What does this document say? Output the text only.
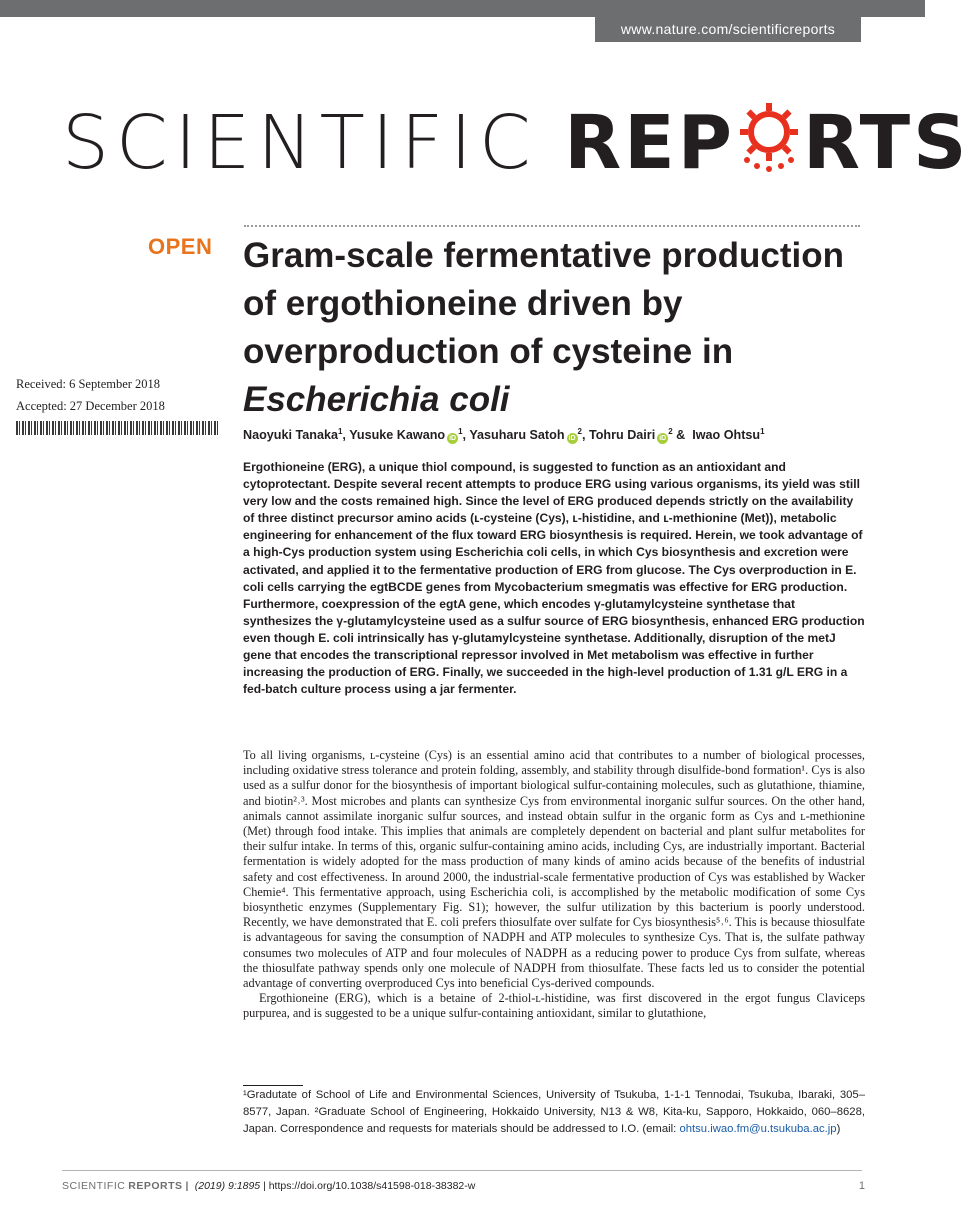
www.nature.com/scientificreports
SCIENTIFIC REP RTS
OPEN Gram-scale fermentative production of ergothioneine driven by overproduction of cysteine in
Escherichia coli
Received: 6 September 2018
Accepted: 27 December 2018
Naoyuki Tanaka$^1$, Yusuke Kawano $iD^1$, Yasuharu Satoh $iD^2$, Tohru Dairi $iD^2$ &  Iwao Ohtsu$^1$
Ergothioneine (ERG), a unique thiol compound, is suggested to function as an antioxidant and cytoprotectant. Despite several recent attempts to produce ERG using various organisms, its yield was still very low and the costs remained high. Since the level of ERG produced depends strictly on the availability of three distinct precursor amino acids (ʟ-cysteine (Cys), ʟ-histidine, and ʟ-methionine (Met)), metabolic engineering for enhancement of the flux toward ERG biosynthesis is required. Herein, we took advantage of a high-Cys production system using Escherichia coli cells, in which Cys biosynthesis and excretion were activated, and applied it to the fermentative production of ERG from glucose. The Cys overproduction in E. coli cells carrying the egtBCDE genes from Mycobacterium smegmatis was effective for ERG production. Furthermore, coexpression of the egtA gene, which encodes γ-glutamylcysteine synthetase that synthesizes the γ-glutamylcysteine used as a sulfur source of ERG biosynthesis, enhanced ERG production even though E. coli intrinsically has γ-glutamylcysteine synthetase. Additionally, disruption of the metJ gene that encodes the transcriptional repressor involved in Met metabolism was effective in further increasing the production of ERG. Finally, we succeeded in the high-level production of 1.31 g/L ERG in a fed-batch culture process using a jar fermenter.

To all living organisms, ʟ-cysteine (Cys) is an essential amino acid that contributes to a number of biological processes, including oxidative stress tolerance and protein folding, assembly, and stability through disulfide-bond formation¹. Cys is also used as a sulfur donor for the biosynthesis of important biological sulfur-containing molecules, such as glutathione, thiamine, and biotin²˒³. Most microbes and plants can synthesize Cys from environmental inorganic sulfur sources. On the other hand, animals cannot assimilate inorganic sulfur sources, and instead obtain sulfur in the organic form as Cys and ʟ-methionine (Met) through food intake. This implies that animals are completely dependent on bacterial and plant sulfur metabolites for their sulfur intake. In terms of this, organic sulfur-containing amino acids, including Cys, are industrially important. Bacterial fermentation is widely adopted for the mass production of many kinds of amino acids because of the benefits of industrial safety and cost effectiveness. In around 2000, the industrial-scale fermentative production of Cys was established by Wacker Chemie⁴. This fermentative approach, using Escherichia coli, is accomplished by the metabolic modification of some Cys biosynthetic enzymes (Supplementary Fig. S1); however, the sulfur utilization by this bacterium is poorly understood. Recently, we have demonstrated that E. coli prefers thiosulfate over sulfate for Cys biosynthesis⁵˒⁶. This is because thiosulfate is advantageous for saving the consumption of NADPH and ATP molecules to synthesize Cys. That is, the sulfate pathway consumes two molecules of ATP and four molecules of NADPH as a reducing power to produce Cys from sulfate, whereas the thiosulfate pathway spends only one molecule of NADPH from thiosulfate. These facts led us to consider the potential advantage of converting overproduced Cys into beneficial Cys-derived compounds.

Ergothioneine (ERG), which is a betaine of 2-thiol-ʟ-histidine, was first discovered in the ergot fungus Claviceps purpurea, and is suggested to be a unique sulfur-containing antioxidant, similar to glutathione,

¹Gradutate of School of Life and Environmental Sciences, University of Tsukuba, 1-1-1 Tennodai, Tsukuba, Ibaraki, 305–8577, Japan. ²Graduate School of Engineering, Hokkaido University, N13 & W8, Kita-ku, Sapporo, Hokkaido, 060–8628, Japan. Correspondence and requests for materials should be addressed to I.O. (email: ohtsu.iwao.fm@u.tsukuba.ac.jp)
SCIENTIFIC REPORTS | (2019) 9:1895 | https://doi.org/10.1038/s41598-018-38382-w	1
